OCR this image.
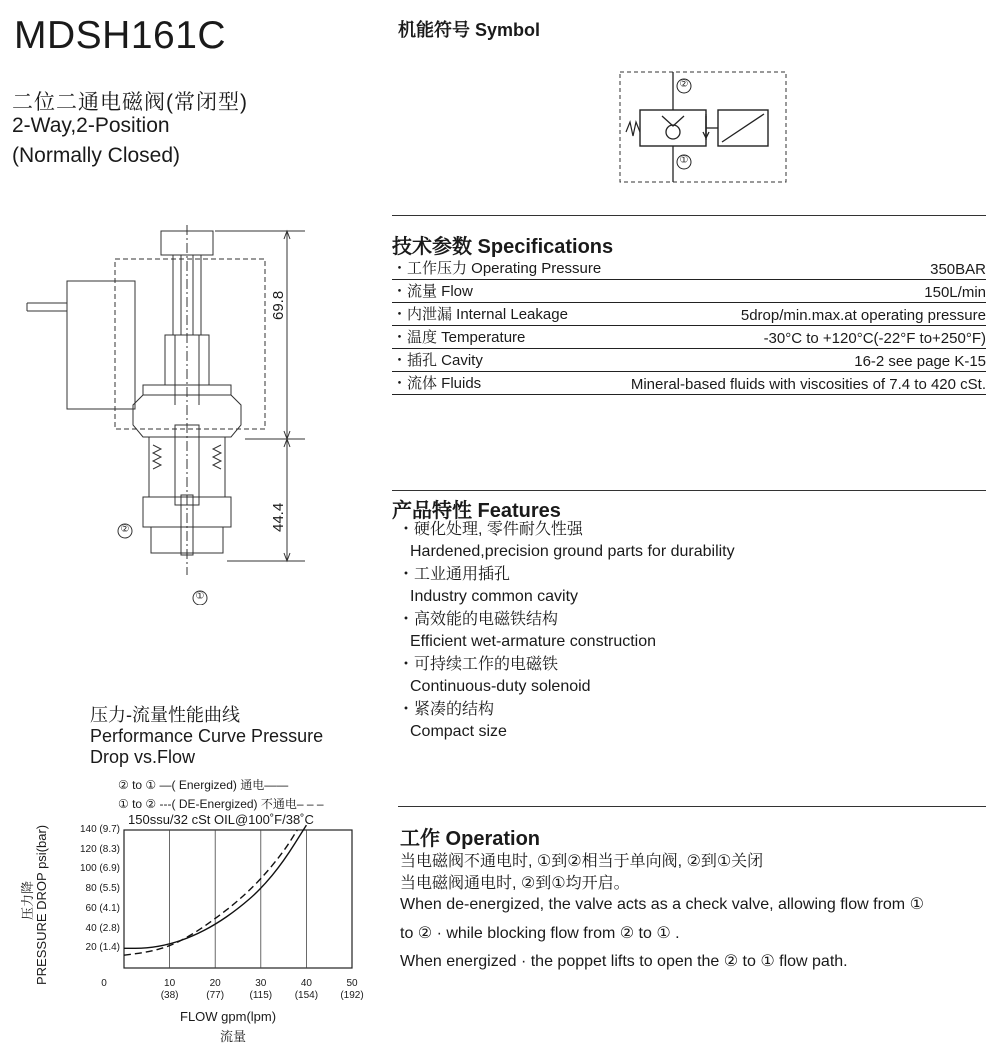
MDSH161C
二位二通电磁阀(常闭型)
2-Way,2-Position
(Normally Closed)
机能符号 Symbol
②
①
69.8
44.4
②
①
技术参数 Specifications
・工作压力 Operating Pressure	350BAR
・流量 Flow	150L/min
・内泄漏 Internal Leakage	5drop/min.max.at operating pressure
・温度 Temperature	-30°C to +120°C(-22°F to+250°F)
・插孔 Cavity	16-2 see page K-15
・流体 Fluids	Mineral-based fluids with viscosities of 7.4 to 420 cSt.
产品特性 Features
・硬化处理, 零件耐久性强
Hardened,precision ground parts for durability
・工业通用插孔
Industry common cavity
・高效能的电磁铁结构
Efficient wet-armature construction
・可持续工作的电磁铁
Continuous-duty solenoid
・紧凑的结构
Compact size
工作 Operation
当电磁阀不通电时, ①到②相当于单向阀, ②到①关闭
当电磁阀通电时, ②到①均开启。
When de-energized, the valve acts as a check valve, allowing flow from ①
to ② · while blocking flow from ② to ① .
When energized · the poppet lifts to open the ② to ① flow path.
压力-流量性能曲线
Performance Curve Pressure
Drop vs.Flow
② to ① —( Energized) 通电——
① to ② ---( DE-Energized) 不通电– – –
150ssu/32 cSt OIL@100˚F/38˚C
10
(38)
20
(77)
30
(115)
40
(154)
50
(192)
0
20 (1.4)
40 (2.8)
60 (4.1)
80 (5.5)
100 (6.9)
120 (8.3)
140 (9.7)
FLOW gpm(lpm)
流量
PRESSURE DROP psi(bar)
压力降
